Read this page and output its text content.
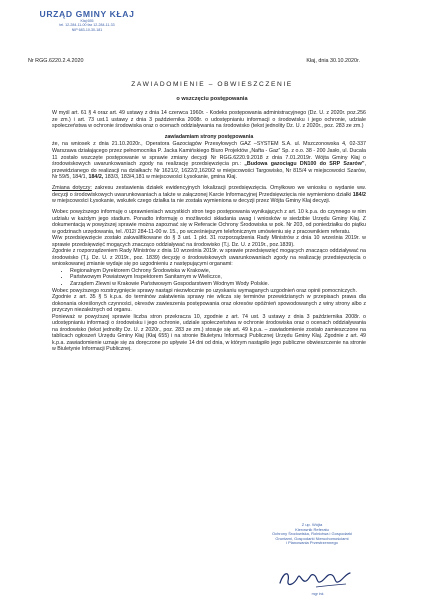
URZĄD GMINY KŁAJ
Kłaj 655
tel. 12-284-11-00 fax 12-284-11-33
NIP 683-10-30-181
Nr RGG.6220.2.4.2020	Kłaj, dnia 30.10.2020r.
ZAWIADOMIENIE – OBWIESZCZENIE
o wszczęciu postępowania

W myśl art. 61 § 4 oraz art. 49 ustawy z dnia 14 czerwca 1960r. - Kodeks postępowania administracyjnego (Dz. U. z 2020r. poz.256 ze zm.) i art. 73 ust.1 ustawy z dnia 3 października 2008r. o udostępnianiu informacji o środowisku i jego ochronie, udziale społeczeństwa w ochronie środowiska oraz o ocenach oddziaływania na środowisko (tekst jednolity Dz. U. z 2020r., poz. 283 ze zm.)

zawiadamiam strony postępowania

że, na wniosek z dnia 21.10.2020r., Operatora Gazociągów Przesyłowych GAZ –SYSTEM S.A. ul. Mszczonowska 4, 02-337 Warszawa działającego przez pełnomocnika P. Jacka Kamińskiego Biuro Projektów „Nafta - Gaz” Sp. z o.o. 38 - 200 Jasło, ul. Ducala 11 zostało wszczęte postępowanie w sprawie zmiany decyzji Nr RGG.6220.9.2018 z dnia 7.01.2019r. Wójta Gminy Kłaj o środowiskowych uwarunkowaniach zgody na realizację przedsięwzięcia pn.: „Budowa gazociągu DN100 do SRP Szarów”, przewidzianego do realizacji na działkach: Nr 1621/2, 1622/2,1620/2 w miejscowości Targowisko, Nr 815/4 w miejscowości Szarów, Nr 59/5, 184/1, 184/2, 183/3, 183/4,181 w miejscowości Łysokanie, gmina Kłaj.

Zmiana dotyczy: zakresu zestawienia działek ewidencyjnych lokalizacji przedsięwzięcia. Omyłkowo we wniosku o wydanie ww. decyzji o środowiskowych uwarunkowaniach a także w załączonej Karcie Informacyjnej Przedsięwzięcia nie wymieniono działki 184/2 w miejscowości Łysokanie, wskutek czego działka ta nie została wymieniona w decyzji przez Wójta Gminy Kłaj decyzji.

Wobec powyższego informuję o uprawnieniach wszystkich stron tego postępowania wynikających z art. 10 k.p.a. do czynnego w nim udziału w każdym jego stadium. Ponadto informuję o możliwości składania uwag i wniosków w siedzibie Urzędu Gminy Kłaj. Z dokumentacją w powyższej sprawie można zapoznać się w Referacie Ochrony Środowiska w pok. Nr 203, od poniedziałku do piątku w godzinach urzędowania, tel. /012/ 284-11-00 w. 15., po wcześniejszym telefonicznym umówieniu się z pracownikiem referatu.

W/w przedsięwzięcie zostało zakwalifikowane do § 3 ust. 1 pkt. 31 rozporządzenia Rady Ministrów z dnia 10 września 2019r. w sprawie przedsięwzięć mogących znacząco oddziaływać na środowisko (T.j. Dz. U. z 2019r., poz.1839).

Zgodnie z rozporządzeniem Rady Ministrów z dnia 10 września 2019r. w sprawie przedsięwzięć mogących znacząco oddziaływać na środowisko (T.j. Dz. U. z 2019r., poz. 1839) decyzję o środowiskowych uwarunkowaniach zgody na realizację przedsięwzięcia o wnioskowanej zmianie wydaje się po uzgodnieniu z następującymi organami:

• Regionalnym Dyrektorem Ochrony Środowiska w Krakowie,
• Państwowym Powiatowym Inspektorem Sanitarnym w Wieliczce,
• Zarządem Zlewni w Krakowie Państwowym Gospodarstwem Wodnym Wody Polskie.

Wobec powyższego rozstrzygnięcie sprawy nastąpi niezwłocznie po uzyskaniu wymaganych uzgodnień oraz opinii pomocniczych.

Zgodnie z art. 35 § 5 k.p.a. do terminów załatwienia sprawy nie wlicza się terminów przewidzianych w przepisach prawa dla dokonania określonych czynności, okresów zawieszenia postępowania oraz okresów opóźnień spowodowanych z winy strony albo z przyczyn niezależnych od organu.

Ponieważ w powyższej sprawie liczba stron przekracza 10, zgodnie z art. 74 ust. 3 ustawy z dnia 3 października 2008r. o udostępnianiu informacji o środowisku i jego ochronie, udziale społeczeństwa w ochronie środowiska oraz o ocenach oddziaływania na środowisko (tekst jednolity Dz. U. z 2020r., poz. 283 ze zm.) stosuje się art. 49 k.p.a. – zawiadomienie zostało zamieszczone na tablicach ogłoszeń Urzędu Gminy Kłaj (Kłaj 655) i na stronie Biuletynu Informacji Publicznej Urzędu Gminy Kłaj. Zgodnie z art. 49 k.p.a. zawiadomienie uznaje się za doręczone po upływie 14 dni od dnia, w którym nastąpiło jego publiczne obwieszczenie na stronie w Biuletynie Informacji Publicznej.

Z up. Wójta
Kierownik Referatu
Ochrony Środowiska, Rolnictwa i Gospodarki
Gruntami, Gospodarki Nieruchomościami
i Planowania Przestrzennego
mgr inż.
